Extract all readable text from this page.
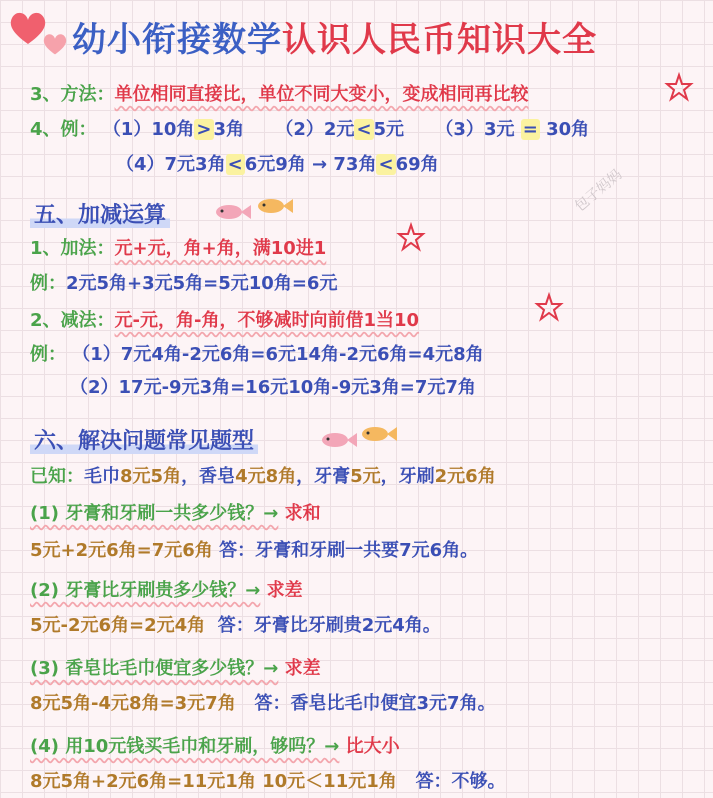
幼小衔接数学认识人民币知识大全
3、方法：单位相同直接比，单位不同大变小，变成相同再比较
4、例： （1）10角 > 3角 （2）2元 < 5元 （3）3元 = 30角
（4）7元3角 < 6元9角 → 73角 < 69角
包子妈妈
五、加减运算
1、加法：元+元，角+角，满10进1
例：2元5角+3元5角=5元10角=6元
2、减法：元-元，角-角，不够减时向前借1当10
例： （1）7元4角-2元6角=6元14角-2元6角=4元8角
（2）17元-9元3角=16元10角-9元3角=7元7角
六、解决问题常见题型
已知：毛巾8元5角，香皂4元8角，牙膏5元，牙刷2元6角
(1) 牙膏和牙刷一共多少钱？→ 求和
5元+2元6角=7元6角 答：牙膏和牙刷一共要7元6角。
(2) 牙膏比牙刷贵多少钱？→ 求差
5元-2元6角=2元4角 答：牙膏比牙刷贵2元4角。
(3) 香皂比毛巾便宜多少钱？→ 求差
8元5角-4元8角=3元7角 答：香皂比毛巾便宜3元7角。
(4) 用10元钱买毛巾和牙刷，够吗？→ 比大小
8元5角+2元6角=11元1角 10元＜11元1角 答：不够。
